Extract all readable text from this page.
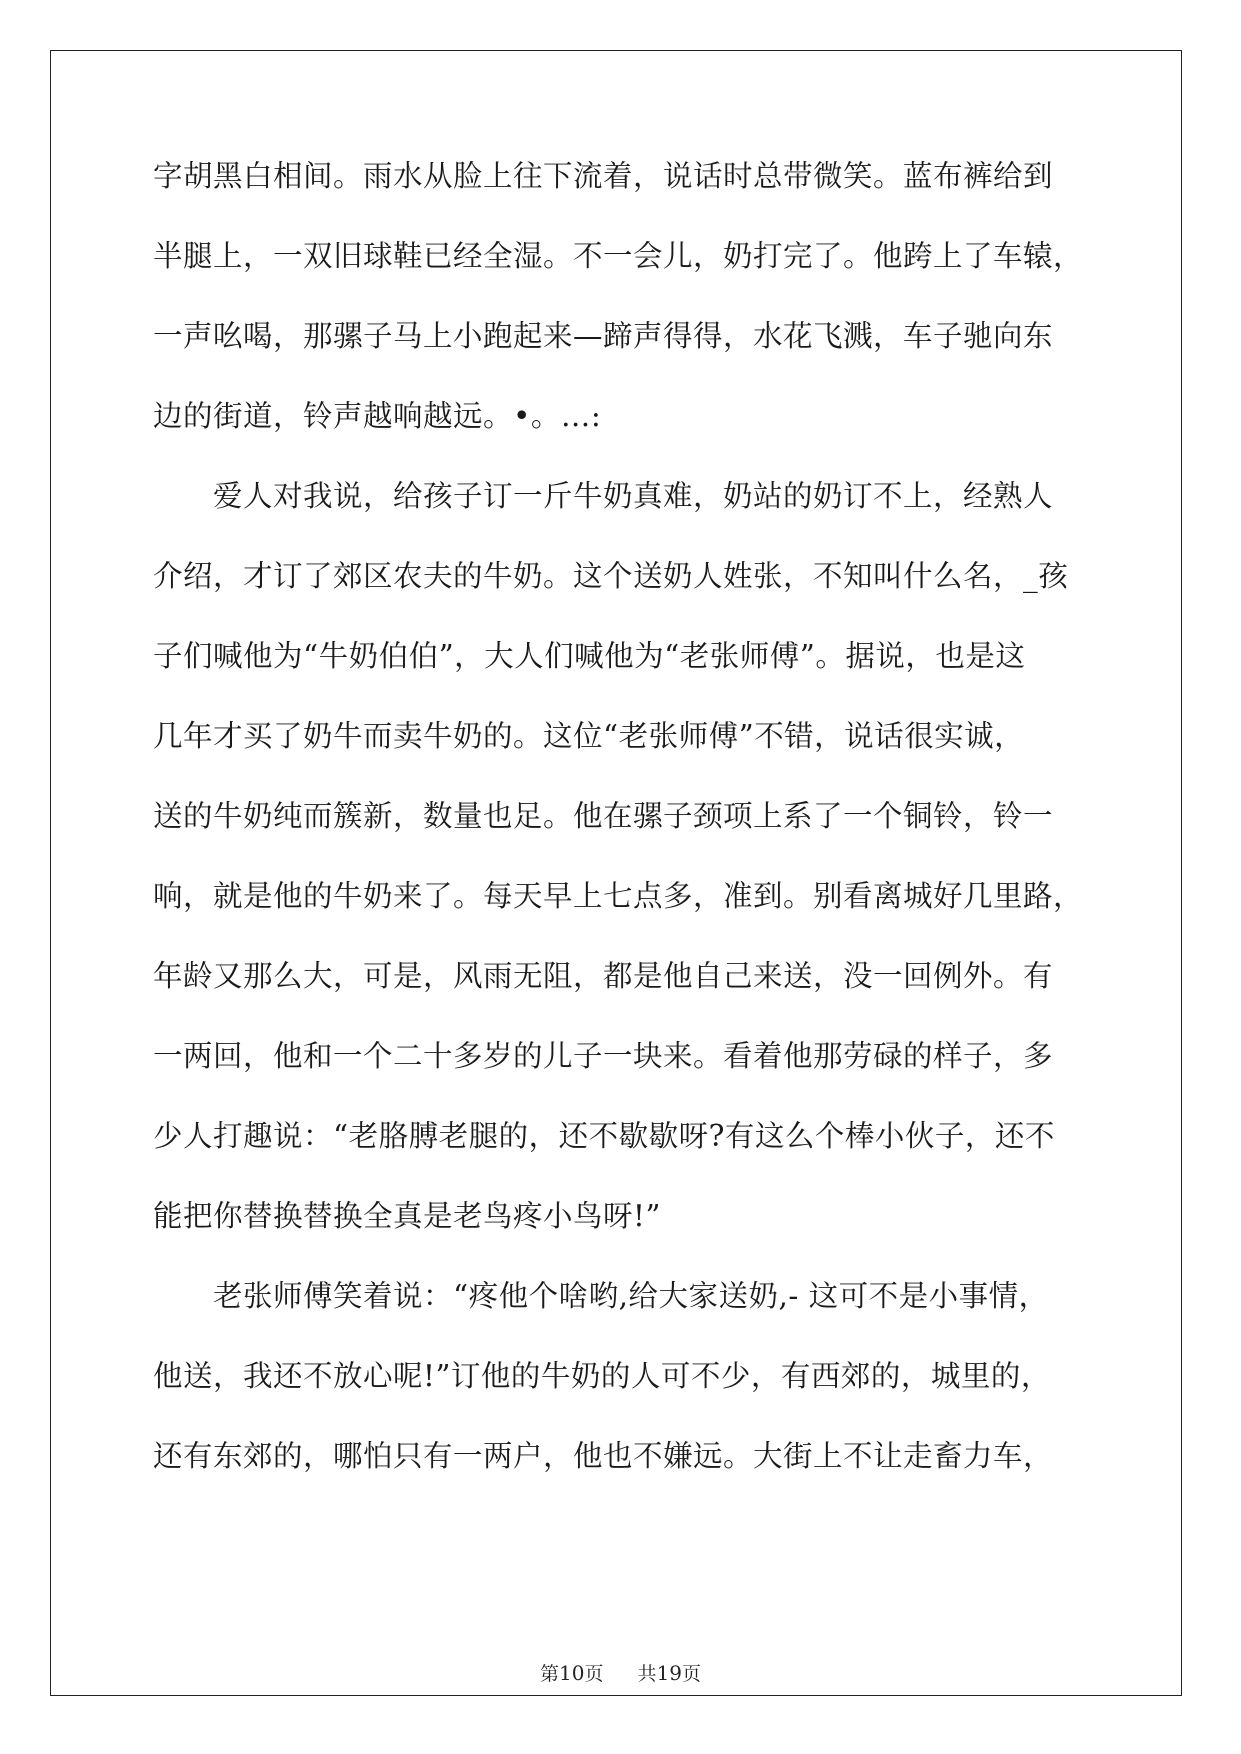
字胡黑白相间。雨水从脸上往下流着，说话时总带微笑。蓝布裤给到
半腿上，一双旧球鞋已经全湿。不一会儿，奶打完了。他跨上了车辕，
一声吆喝，那骡子马上小跑起来—蹄声得得，水花飞溅，车子驰向东
边的街道，铃声越响越远。•。…:
　　爱人对我说，给孩子订一斤牛奶真难，奶站的奶订不上，经熟人
介绍，才订了郊区农夫的牛奶。这个送奶人姓张，不知叫什么名，_孩
子们喊他为“牛奶伯伯”，大人们喊他为“老张师傅”。据说，也是这
几年才买了奶牛而卖牛奶的。这位“老张师傅”不错，说话很实诚，
送的牛奶纯而簇新，数量也足。他在骡子颈项上系了一个铜铃，铃一
响，就是他的牛奶来了。每天早上七点多，准到。别看离城好几里路，
年龄又那么大，可是，风雨无阻，都是他自己来送，没一回例外。有
一两回，他和一个二十多岁的儿子一块来。看着他那劳碌的样子，多
少人打趣说：“老胳膊老腿的，还不歇歇呀?有这么个棒小伙子，还不
能把你替换替换全真是老鸟疼小鸟呀!”
　　老张师傅笑着说：“疼他个啥哟,给大家送奶,- 这可不是小事情，
他送，我还不放心呢!”订他的牛奶的人可不少，有西郊的，城里的，
还有东郊的，哪怕只有一两户，他也不嫌远。大街上不让走畜力车，
第10页 共19页
